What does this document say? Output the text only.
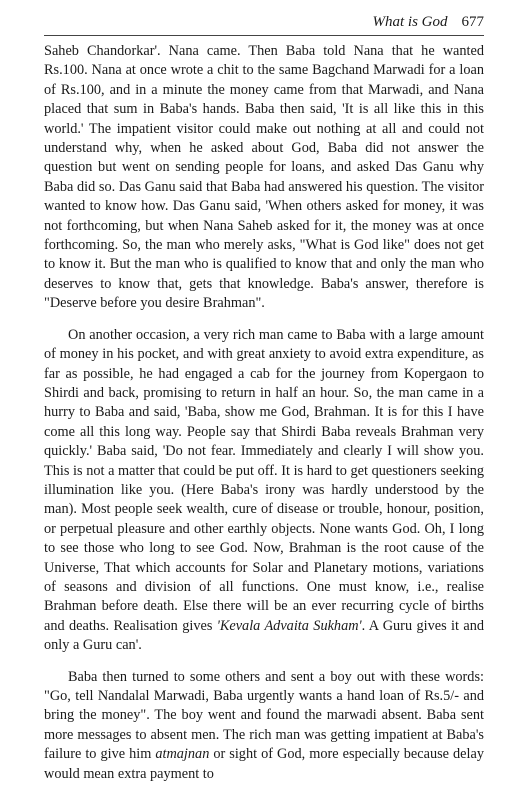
What is God 677

Saheb Chandorkar'. Nana came. Then Baba told Nana that he wanted Rs.100. Nana at once wrote a chit to the same Bagchand Marwadi for a loan of Rs.100, and in a minute the money came from that Marwadi, and Nana placed that sum in Baba's hands. Baba then said, 'It is all like this in this world.' The impatient visitor could make out nothing at all and could not understand why, when he asked about God, Baba did not answer the question but went on sending people for loans, and asked Das Ganu why Baba did so. Das Ganu said that Baba had answered his question. The visitor wanted to know how. Das Ganu said, 'When others asked for money, it was not forthcoming, but when Nana Saheb asked for it, the money was at once forthcoming. So, the man who merely asks, "What is God like" does not get to know it. But the man who is qualified to know that and only the man who deserves to know that, gets that knowledge. Baba's answer, therefore is "Deserve before you desire Brahman".

On another occasion, a very rich man came to Baba with a large amount of money in his pocket, and with great anxiety to avoid extra expenditure, as far as possible, he had engaged a cab for the journey from Kopergaon to Shirdi and back, promising to return in half an hour. So, the man came in a hurry to Baba and said, 'Baba, show me God, Brahman. It is for this I have come all this long way. People say that Shirdi Baba reveals Brahman very quickly.' Baba said, 'Do not fear. Immediately and clearly I will show you. This is not a matter that could be put off. It is hard to get questioners seeking illumination like you. (Here Baba's irony was hardly understood by the man). Most people seek wealth, cure of disease or trouble, honour, position, or perpetual pleasure and other earthly objects. None wants God. Oh, I long to see those who long to see God. Now, Brahman is the root cause of the Universe, That which accounts for Solar and Planetary motions, variations of seasons and division of all functions. One must know, i.e., realise Brahman before death. Else there will be an ever recurring cycle of births and deaths. Realisation gives 'Kevala Advaita Sukham'. A Guru gives it and only a Guru can'.

Baba then turned to some others and sent a boy out with these words: "Go, tell Nandalal Marwadi, Baba urgently wants a hand loan of Rs.5/- and bring the money". The boy went and found the marwadi absent. Baba sent more messages to absent men. The rich man was getting impatient at Baba's failure to give him atmajnan or sight of God, more especially because delay would mean extra payment to
